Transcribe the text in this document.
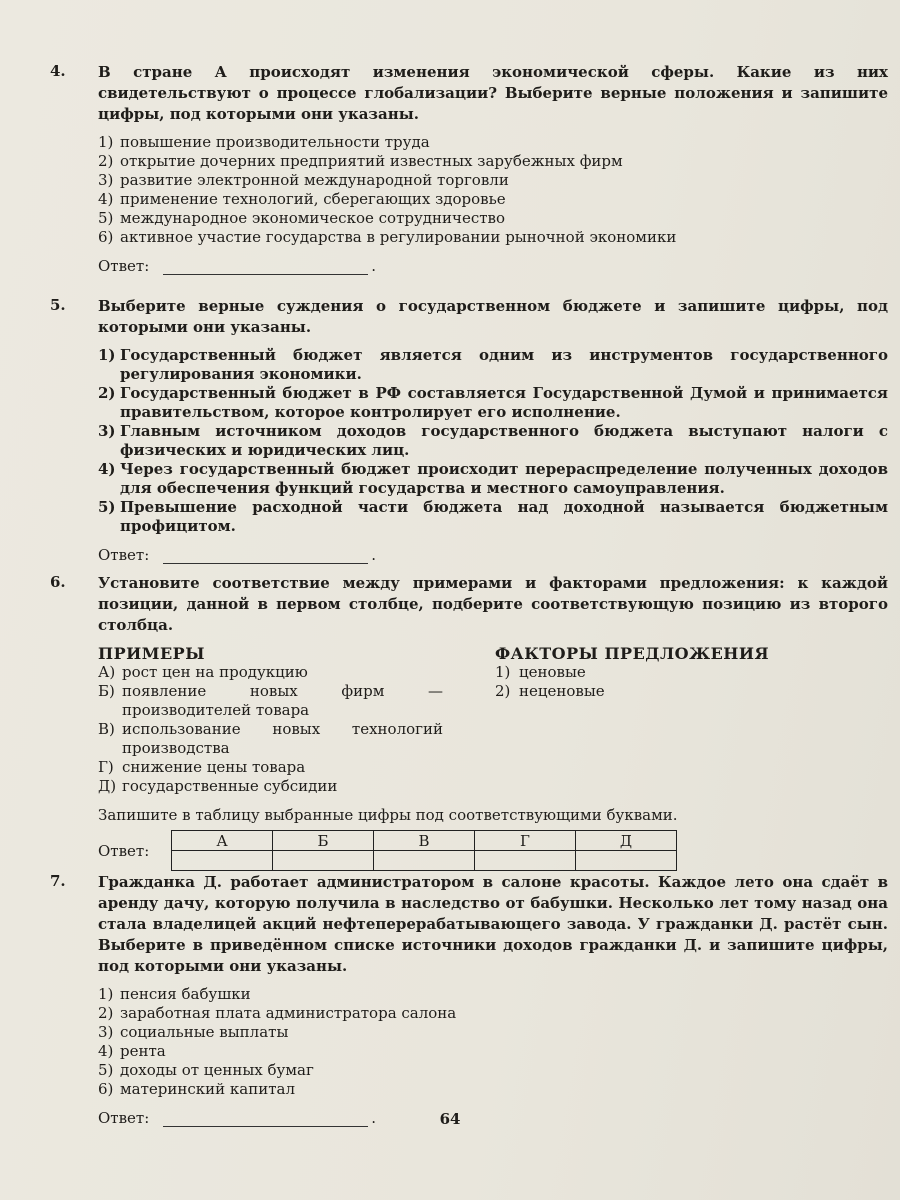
4. В стране А происходят изменения экономической сферы. Какие из них свидетельствуют о процессе глобализации? Выберите верные положения и запишите цифры, под которыми они указаны.

1) повышение производительности труда
2) открытие дочерних предприятий известных зарубежных фирм
3) развитие электронной международной торговли
4) применение технологий, сберегающих здоровье
5) международное экономическое сотрудничество
6) активное участие государства в регулировании рыночной экономики
Ответ:	.
5. Выберите верные суждения о государственном бюджете и запишите цифры, под которыми они указаны.

1) Государственный бюджет является одним из инструментов государственного регулирования экономики.
2) Государственный бюджет в РФ составляется Государственной Думой и принимается правительством, которое контролирует его исполнение.
3) Главным источником доходов государственного бюджета выступают налоги с физических и юридических лиц.
4) Через государственный бюджет происходит перераспределение полученных доходов для обеспечения функций государства и местного самоуправления.
5) Превышение расходной части бюджета над доходной называется бюджетным профицитом.
Ответ:	.
6. Установите соответствие между примерами и факторами предложения: к каждой позиции, данной в первом столбце, подберите соответствующую позицию из второго столбца.

ПРИМЕРЫ
А) рост цен на продукцию
Б) появление новых фирм — производителей товара
В) использование новых технологий производства
Г) снижение цены товара
Д) государственные субсидии
ФАКТОРЫ ПРЕДЛОЖЕНИЯ
1) ценовые
2) неценовые
Запишите в таблицу выбранные цифры под соответствующими буквами.
Ответ:
А	Б	В	Г	Д

7. Гражданка Д. работает администратором в салоне красоты. Каждое лето она сдаёт в аренду дачу, которую получила в наследство от бабушки. Несколько лет тому назад она стала владелицей акций нефтеперерабатывающего завода. У гражданки Д. растёт сын. Выберите в приведённом списке источники доходов гражданки Д. и запишите цифры, под которыми они указаны.

1) пенсия бабушки
2) заработная плата администратора салона
3) социальные выплаты
4) рента
5) доходы от ценных бумаг
6) материнский капитал
Ответ:	.	64
